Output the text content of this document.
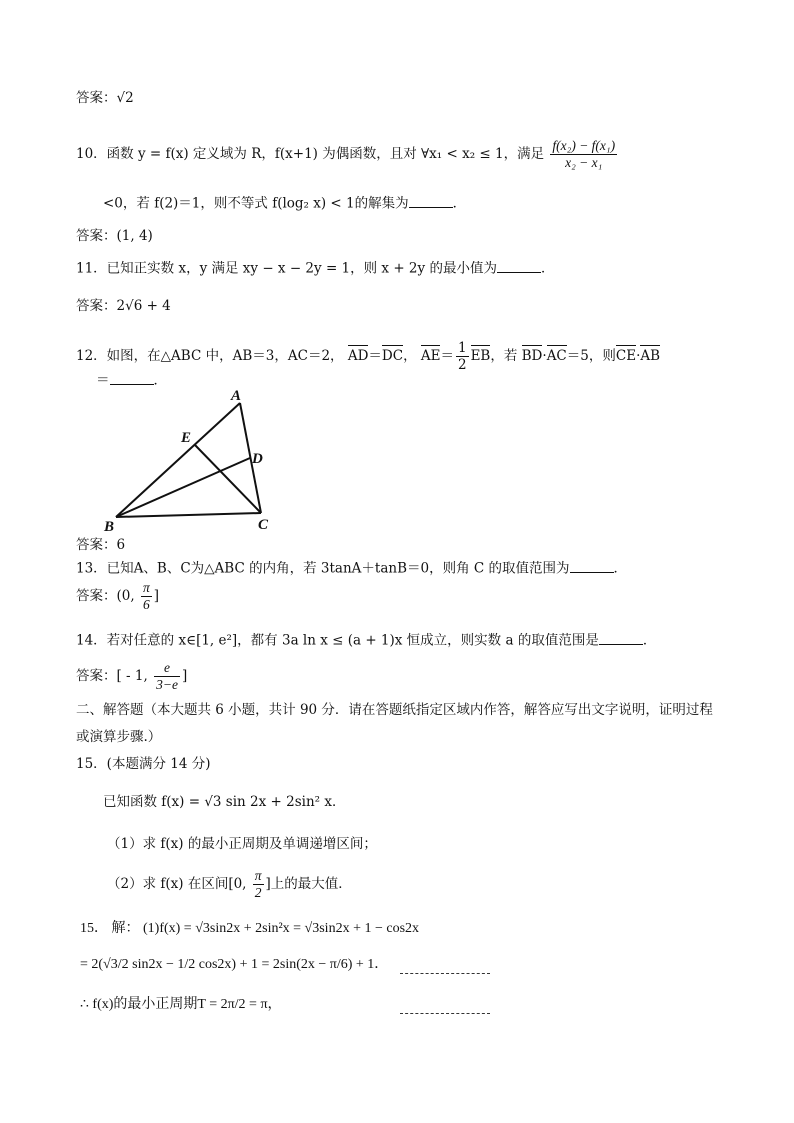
答案：√2
10．函数 y = f(x) 定义域为 R，f(x+1) 为偶函数，且对 ∀x₁ < x₂ ≤ 1，满足 $\frac{\text{f(x₂) − f(x₁)}}{\text{x₂ − x₁}}$
<0，若 f(2)＝1，则不等式 f(log₂ x) < 1的解集为	．
答案：(1, 4)
11．已知正实数 x，y 满足 xy − x − 2y = 1，则 x + 2y 的最小值为	．
答案：2√6 + 4
12．如图，在△ABC 中，AB＝3，AC＝2， AD＝DC， $AE= \frac{1}{2}$ EB，若 BD·AC＝5，则CE·AB
＝	．
A
B	C
D
E
答案：6
13．已知A、B、C为△ABC 的内角，若 3tanA＋tanB＝0，则角 C 的取值范围为	．
答案：(0, $\frac{\pi}{6}$ ]
14．若对任意的 x∈[1, e²]，都有 3a ln x ≤ (a + 1)x 恒成立，则实数 a 的取值范围是	．
答案：[ - 1, $\frac{e}{3-e}$ ]
二、解答题（本大题共 6 小题，共计 90 分．请在答题纸指定区域内作答，解答应写出文字说明，证明过程
或演算步骤.）
15．(本题满分 14 分)
已知函数 f(x) = √3 sin 2x + 2sin² x．
（1）求 f(x) 的最小正周期及单调递增区间；
（2）求 f(x) 在区间[0, $\frac{\pi}{2}$ ]上的最大值．
15． 解： (1)f(x) = √3sin2x + 2sin²x = √3sin2x + 1 − cos2x
= 2(√3/2 sin2x − 1/2 cos2x) + 1 = 2sin(2x − π/6) + 1．
∴ f(x)的最小正周期T = 2π/2 = π，
